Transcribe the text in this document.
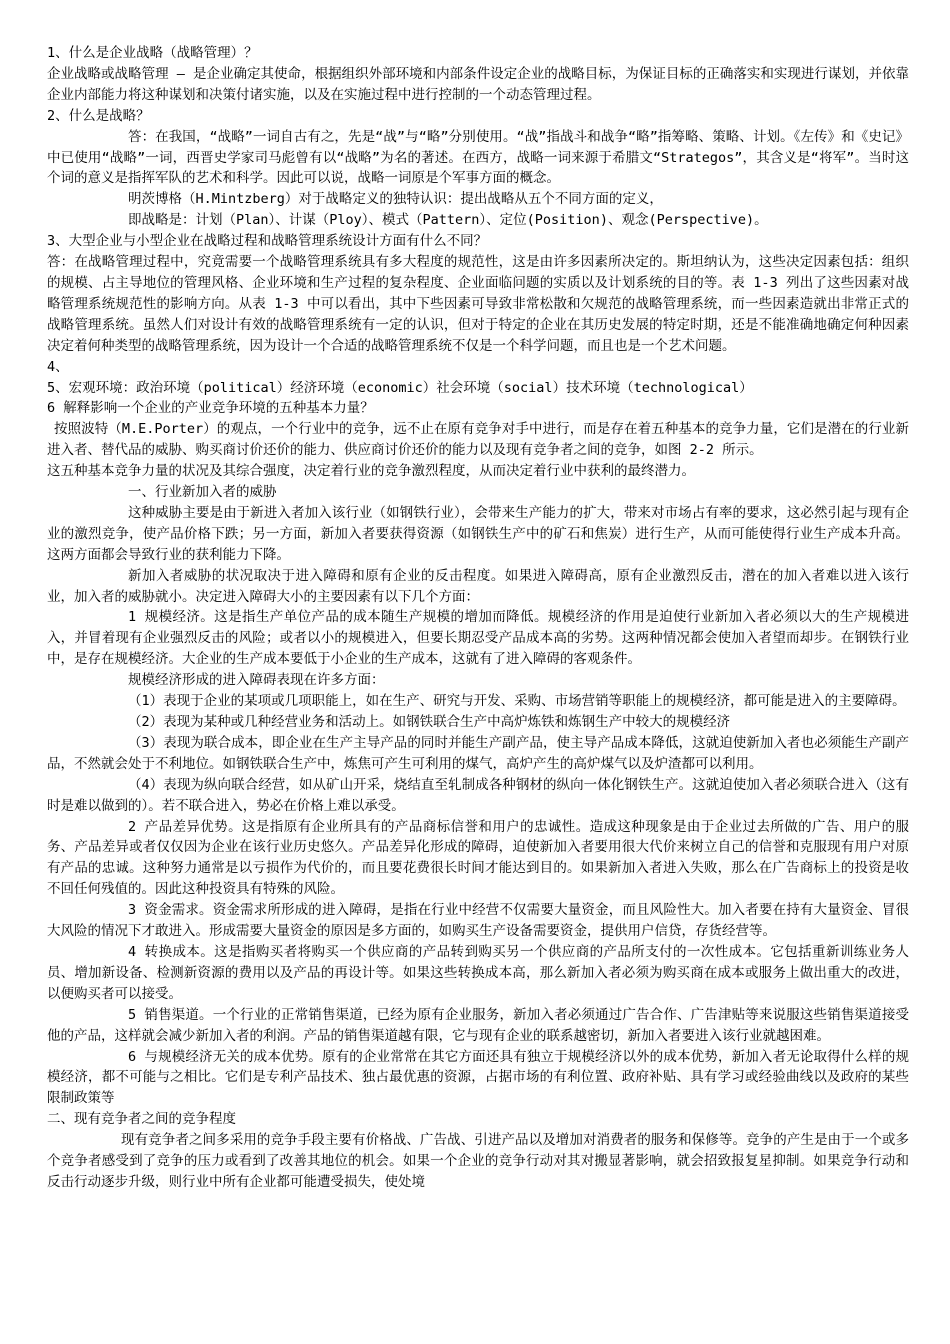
1、什么是企业战略（战略管理）？

企业战略或战略管理 — 是企业确定其使命，根据组织外部环境和内部条件设定企业的战略目标，为保证目标的正确落实和实现进行谋划，并依靠企业内部能力将这种谋划和决策付诸实施，以及在实施过程中进行控制的一个动态管理过程。

2、什么是战略？

答：在我国，“战略”一词自古有之，先是“战”与“略”分别使用。“战”指战斗和战争“略”指筹略、策略、计划。《左传》和《史记》中已使用“战略”一词，西晋史学家司马彪曾有以“战略”为名的著述。在西方，战略一词来源于希腊文“Strategos”，其含义是“将军”。当时这个词的意义是指挥军队的艺术和科学。因此可以说，战略一词原是个军事方面的概念。

明茨博格（H.Mintzberg）对于战略定义的独特认识：提出战略从五个不同方面的定义，

即战略是：计划（Plan）、计谋（Ploy）、模式（Pattern）、定位(Position)、观念(Perspective)。

3、大型企业与小型企业在战略过程和战略管理系统设计方面有什么不同？

答：在战略管理过程中，究竟需要一个战略管理系统具有多大程度的规范性，这是由许多因素所决定的。斯坦纳认为，这些决定因素包括：组织的规模、占主导地位的管理风格、企业环境和生产过程的复杂程度、企业面临问题的实质以及计划系统的目的等。表 1-3 列出了这些因素对战略管理系统规范性的影响方向。从表 1-3 中可以看出，其中下些因素可导致非常松散和欠规范的战略管理系统，而一些因素造就出非常正式的战略管理系统。虽然人们对设计有效的战略管理系统有一定的认识，但对于特定的企业在其历史发展的特定时期，还是不能准确地确定何种因素决定着何种类型的战略管理系统，因为设计一个合适的战略管理系统不仅是一个科学问题，而且也是一个艺术问题。

4、

5、宏观环境：政治环境（political）经济环境（economic）社会环境（social）技术环境（technological）

6 解释影响一个企业的产业竞争环境的五种基本力量？

按照波特（M.E.Porter）的观点，一个行业中的竞争，远不止在原有竞争对手中进行，而是存在着五种基本的竞争力量，它们是潜在的行业新进入者、替代品的威胁、购买商讨价还价的能力、供应商讨价还价的能力以及现有竞争者之间的竞争，如图 2-2 所示。

这五种基本竞争力量的状况及其综合强度，决定着行业的竞争激烈程度，从而决定着行业中获利的最终潜力。

一、行业新加入者的威胁

这种威胁主要是由于新进入者加入该行业（如钢铁行业），会带来生产能力的扩大，带来对市场占有率的要求，这必然引起与现有企业的激烈竞争，使产品价格下跌；另一方面，新加入者要获得资源（如钢铁生产中的矿石和焦炭）进行生产，从而可能使得行业生产成本升高。这两方面都会导致行业的获利能力下降。

新加入者威胁的状况取决于进入障碍和原有企业的反击程度。如果进入障碍高，原有企业激烈反击，潜在的加入者难以进入该行业，加入者的威胁就小。决定进入障碍大小的主要因素有以下几个方面：

1 规模经济。这是指生产单位产品的成本随生产规模的增加而降低。规模经济的作用是迫使行业新加入者必须以大的生产规模进入，并冒着现有企业强烈反击的风险；或者以小的规模进入，但要长期忍受产品成本高的劣势。这两种情况都会使加入者望而却步。在钢铁行业中，是存在规模经济。大企业的生产成本要低于小企业的生产成本，这就有了进入障碍的客观条件。

规模经济形成的进入障碍表现在许多方面：

（1）表现于企业的某项或几项职能上，如在生产、研究与开发、采购、市场营销等职能上的规模经济，都可能是进入的主要障碍。

（2）表现为某种或几种经营业务和活动上。如钢铁联合生产中高炉炼铁和炼钢生产中较大的规模经济

（3）表现为联合成本，即企业在生产主导产品的同时并能生产副产品，使主导产品成本降低，这就迫使新加入者也必须能生产副产品，不然就会处于不利地位。如钢铁联合生产中，炼焦可产生可利用的煤气，高炉产生的高炉煤气以及炉渣都可以利用。

（4）表现为纵向联合经营，如从矿山开采，烧结直至轧制成各种钢材的纵向一体化钢铁生产。这就迫使加入者必须联合进入（这有时是难以做到的）。若不联合进入，势必在价格上难以承受。

2 产品差异优势。这是指原有企业所具有的产品商标信誉和用户的忠诚性。造成这种现象是由于企业过去所做的广告、用户的服务、产品差异或者仅仅因为企业在该行业历史悠久。产品差异化形成的障碍，迫使新加入者要用很大代价来树立自己的信誉和克服现有用户对原有产品的忠诚。这种努力通常是以亏损作为代价的，而且要花费很长时间才能达到目的。如果新加入者进入失败，那么在广告商标上的投资是收不回任何残值的。因此这种投资具有特殊的风险。

3 资金需求。资金需求所形成的进入障碍，是指在行业中经营不仅需要大量资金，而且风险性大。加入者要在持有大量资金、冒很大风险的情况下才敢进入。形成需要大量资金的原因是多方面的，如购买生产设备需要资金，提供用户信贷，存货经营等。

4 转换成本。这是指购买者将购买一个供应商的产品转到购买另一个供应商的产品所支付的一次性成本。它包括重新训练业务人员、增加新设备、检测新资源的费用以及产品的再设计等。如果这些转换成本高，那么新加入者必须为购买商在成本或服务上做出重大的改进，以便购买者可以接受。

5 销售渠道。一个行业的正常销售渠道，已经为原有企业服务，新加入者必须通过广告合作、广告津贴等来说服这些销售渠道接受他的产品，这样就会减少新加入者的利润。产品的销售渠道越有限，它与现有企业的联系越密切，新加入者要进入该行业就越困难。

6 与规模经济无关的成本优势。原有的企业常常在其它方面还具有独立于规模经济以外的成本优势，新加入者无论取得什么样的规模经济，都不可能与之相比。它们是专利产品技术、独占最优惠的资源，占据市场的有利位置、政府补贴、具有学习或经验曲线以及政府的某些限制政策等

二、现有竞争者之间的竞争程度

现有竞争者之间多采用的竞争手段主要有价格战、广告战、引进产品以及增加对消费者的服务和保修等。竞争的产生是由于一个或多个竞争者感受到了竞争的压力或看到了改善其地位的机会。如果一个企业的竞争行动对其对搬显著影响，就会招致报复星抑制。如果竞争行动和反击行动逐步升级，则行业中所有企业都可能遭受损失，使处境
